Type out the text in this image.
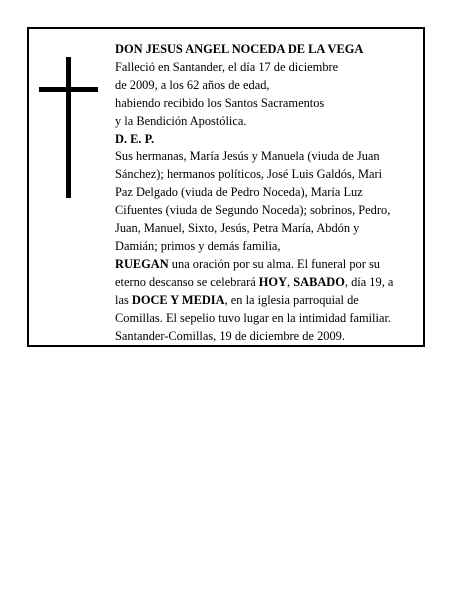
DON JESUS ANGEL NOCEDA DE LA VEGA
Falleció en Santander, el día 17 de diciembre
de 2009, a los 62 años de edad,
habiendo recibido los Santos Sacramentos
y la Bendición Apostólica.
D. E. P.
Sus hermanas, María Jesús y Manuela (viuda de Juan
Sánchez); hermanos políticos, José Luis Galdós, Mari
Paz Delgado (viuda de Pedro Noceda), María Luz
Cifuentes (viuda de Segundo Noceda); sobrinos, Pedro,
Juan, Manuel, Sixto, Jesús, Petra María, Abdón y
Damián; primos y demás familia,
RUEGAN una oración por su alma. El funeral por su
eterno descanso se celebrará HOY, SABADO, día 19, a
las DOCE Y MEDIA, en la iglesia parroquial de
Comillas. El sepelio tuvo lugar en la intimidad familiar.
Santander-Comillas, 19 de diciembre de 2009.
